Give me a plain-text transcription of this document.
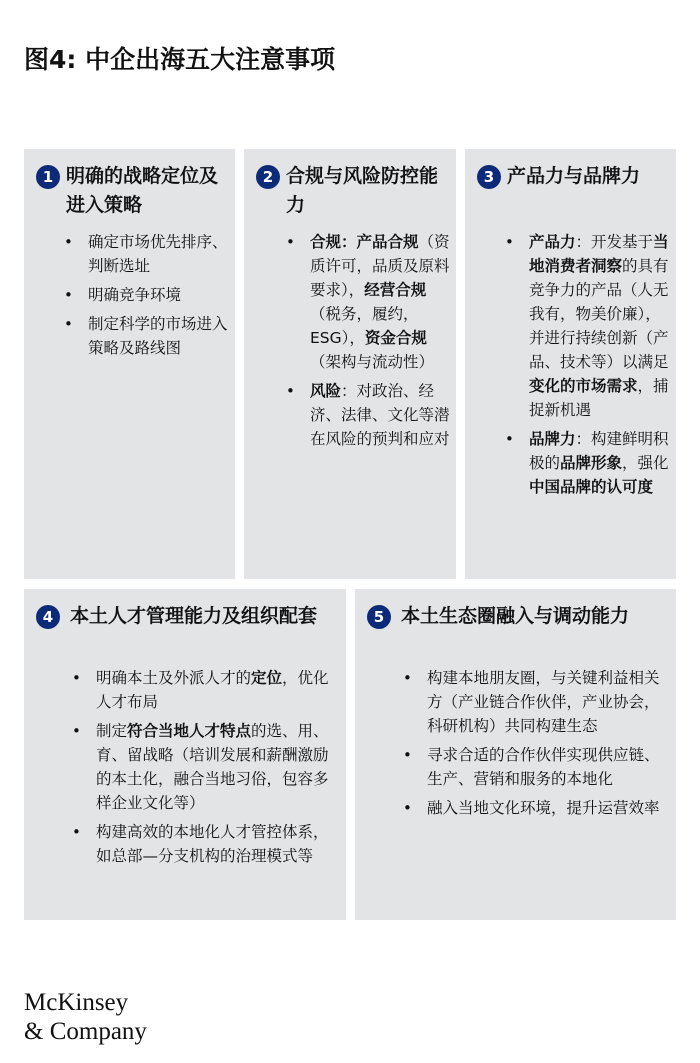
图4: 中企出海五大注意事项
1 明确的战略定位及进入策略
• 确定市场优先排序、判断选址
• 明确竞争环境
• 制定科学的市场进入策略及路线图
2 合规与风险防控能力
• 合规：产品合规（资质许可，品质及原料要求），经营合规（税务，履约，ESG），资金合规（架构与流动性）
• 风险：对政治、经济、法律、文化等潜在风险的预判和应对
3 产品力与品牌力
• 产品力：开发基于当地消费者洞察的具有竞争力的产品（人无我有，物美价廉），并进行持续创新（产品、技术等）以满足变化的市场需求，捕捉新机遇
• 品牌力：构建鲜明积极的品牌形象，强化中国品牌的认可度
4 本土人才管理能力及组织配套
• 明确本土及外派人才的定位，优化人才布局
• 制定符合当地人才特点的选、用、育、留战略（培训发展和薪酬激励的本土化，融合当地习俗，包容多样企业文化等）
• 构建高效的本地化人才管控体系，如总部—分支机构的治理模式等
5 本土生态圈融入与调动能力
• 构建本地朋友圈，与关键利益相关方（产业链合作伙伴，产业协会，科研机构）共同构建生态
• 寻求合适的合作伙伴实现供应链、生产、营销和服务的本地化
• 融入当地文化环境，提升运营效率
McKinsey
& Company
